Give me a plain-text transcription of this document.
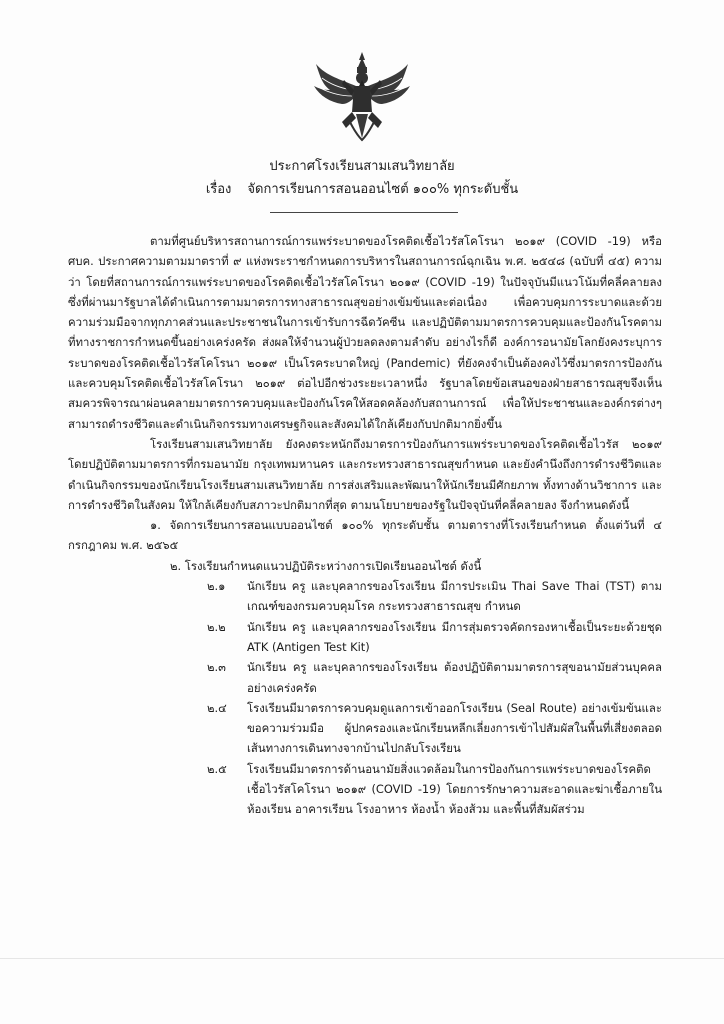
ประกาศโรงเรียนสามเสนวิทยาลัย
เรื่อง จัดการเรียนการสอนออนไซต์ ๑๐๐% ทุกระดับชั้น

ตามที่ศูนย์บริหารสถานการณ์การแพร่ระบาดของโรคติดเชื้อไวรัสโคโรนา ๒๐๑๙ (COVID -19) หรือ ศบค. ประกาศความตามมาตราที่ ๙ แห่งพระราชกำหนดการบริหารในสถานการณ์ฉุกเฉิน พ.ศ. ๒๕๔๘ (ฉบับที่ ๔๕) ความว่า โดยที่สถานการณ์การแพร่ระบาดของโรคติดเชื้อไวรัสโคโรนา ๒๐๑๙ (COVID -19) ในปัจจุบันมีแนวโน้มที่คลี่คลายลงซึ่งที่ผ่านมารัฐบาลได้ดำเนินการตามมาตรการทางสาธารณสุขอย่างเข้มข้นและต่อเนื่อง เพื่อควบคุมการระบาดและด้วยความร่วมมือจากทุกภาคส่วนและประชาชนในการเข้ารับการฉีดวัคซีน และปฏิบัติตามมาตรการควบคุมและป้องกันโรคตามที่ทางราชการกำหนดขึ้นอย่างเคร่งครัด ส่งผลให้จำนวนผู้ป่วยลดลงตามลำดับ อย่างไรก็ดี องค์การอนามัยโลกยังคงระบุการระบาดของโรคติดเชื้อไวรัสโคโรนา ๒๐๑๙ เป็นโรคระบาดใหญ่ (Pandemic) ที่ยังคงจำเป็นต้องคงไว้ซึ่งมาตรการป้องกันและควบคุมโรคติดเชื้อไวรัสโคโรนา ๒๐๑๙ ต่อไปอีกช่วงระยะเวลาหนึ่ง รัฐบาลโดยข้อเสนอของฝ่ายสาธารณสุขจึงเห็นสมควรพิจารณาผ่อนคลายมาตรการควบคุมและป้องกันโรคให้สอดคล้องกับสถานการณ์ เพื่อให้ประชาชนและองค์กรต่างๆ สามารถดำรงชีวิตและดำเนินกิจกรรมทางเศรษฐกิจและสังคมได้ใกล้เคียงกับปกติมากยิ่งขึ้น

โรงเรียนสามเสนวิทยาลัย ยังคงตระหนักถึงมาตรการป้องกันการแพร่ระบาดของโรคติดเชื้อไวรัส ๒๐๑๙ โดยปฏิบัติตามมาตรการที่กรมอนามัย กรุงเทพมหานคร และกระทรวงสาธารณสุขกำหนด และยังคำนึงถึงการดำรงชีวิตและดำเนินกิจกรรมของนักเรียนโรงเรียนสามเสนวิทยาลัย การส่งเสริมและพัฒนาให้นักเรียนมีศักยภาพ ทั้งทางด้านวิชาการ และการดำรงชีวิตในสังคม ให้ใกล้เคียงกับสภาวะปกติมากที่สุด ตามนโยบายของรัฐในปัจจุบันที่คลี่คลายลง จึงกำหนดดังนี้

๑. จัดการเรียนการสอนแบบออนไซต์ ๑๐๐% ทุกระดับชั้น ตามตารางที่โรงเรียนกำหนด ตั้งแต่วันที่ ๔ กรกฎาคม พ.ศ. ๒๕๖๕

๒. โรงเรียนกำหนดแนวปฏิบัติระหว่างการเปิดเรียนออนไซต์ ดังนี้

๒.๑	นักเรียน ครู และบุคลากรของโรงเรียน มีการประเมิน Thai Save Thai (TST) ตามเกณฑ์ของกรมควบคุมโรค กระทรวงสาธารณสุข กำหนด
๒.๒	นักเรียน ครู และบุคลากรของโรงเรียน มีการสุ่มตรวจคัดกรองหาเชื้อเป็นระยะด้วยชุด ATK (Antigen Test Kit)
๒.๓	นักเรียน ครู และบุคลากรของโรงเรียน ต้องปฏิบัติตามมาตรการสุขอนามัยส่วนบุคคลอย่างเคร่งครัด
๒.๔	โรงเรียนมีมาตรการควบคุมดูแลการเข้าออกโรงเรียน (Seal Route) อย่างเข้มข้นและขอความร่วมมือ ผู้ปกครองและนักเรียนหลีกเลี่ยงการเข้าไปสัมผัสในพื้นที่เสี่ยงตลอดเส้นทางการเดินทางจากบ้านไปกลับโรงเรียน
๒.๕	โรงเรียนมีมาตรการด้านอนามัยสิ่งแวดล้อมในการป้องกันการแพร่ระบาดของโรคติดเชื้อไวรัสโคโรนา ๒๐๑๙ (COVID -19) โดยการรักษาความสะอาดและฆ่าเชื้อภายในห้องเรียน อาคารเรียน โรงอาหาร ห้องน้ำ ห้องส้วม และพื้นที่สัมผัสร่วม
